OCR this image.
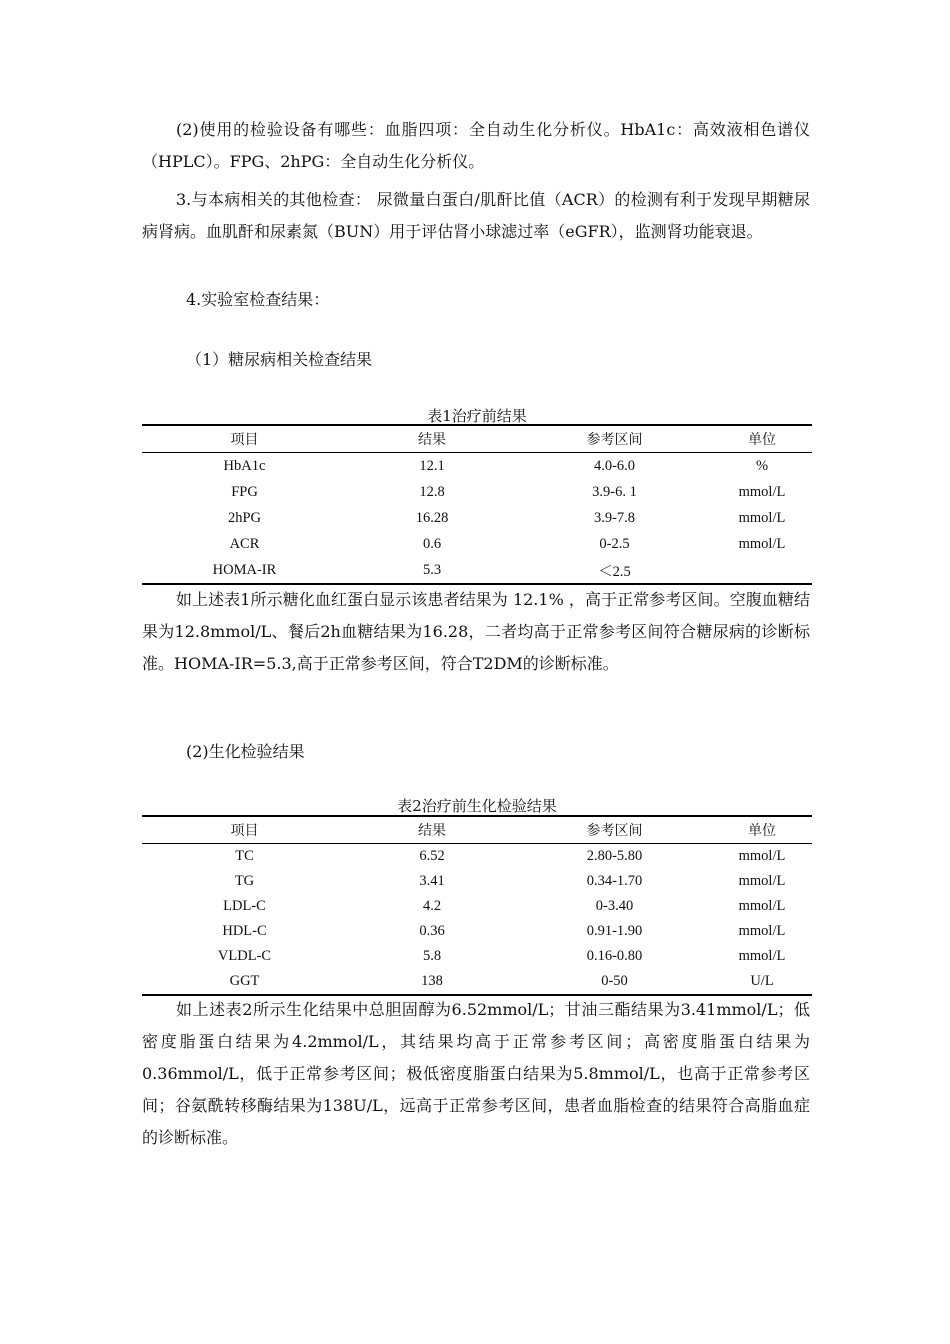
(2)使用的检验设备有哪些：血脂四项：全自动生化分析仪。HbA1c：高效液相色谱仪（HPLC）。FPG、2hPG：全自动生化分析仪。

3.与本病相关的其他检查： 尿微量白蛋白/肌酐比值（ACR）的检测有利于发现早期糖尿病肾病。血肌酐和尿素氮（BUN）用于评估肾小球滤过率（eGFR），监测肾功能衰退。

4.实验室检查结果：

（1）糖尿病相关检查结果

表1治疗前结果
项目	结果	参考区间	单位
HbA1c	12.1	4.0-6.0	%
FPG	12.8	3.9-6. 1	mmol/L
2hPG	16.28	3.9-7.8	mmol/L
ACR	0.6	0-2.5	mmol/L
HOMA-IR	5.3	＜2.5	

如上述表1所示糖化血红蛋白显示该患者结果为 12.1% ，高于正常参考区间。空腹血糖结果为12.8mmol/L、餐后2h血糖结果为16.28，二者均高于正常参考区间符合糖尿病的诊断标准。HOMA-IR=5.3,高于正常参考区间，符合T2DM的诊断标准。

(2)生化检验结果

表2治疗前生化检验结果
项目	结果	参考区间	单位
TC	6.52	2.80-5.80	mmol/L
TG	3.41	0.34-1.70	mmol/L
LDL-C	4.2	0-3.40	mmol/L
HDL-C	0.36	0.91-1.90	mmol/L
VLDL-C	5.8	0.16-0.80	mmol/L
GGT	138	0-50	U/L

如上述表2所示生化结果中总胆固醇为6.52mmol/L；甘油三酯结果为3.41mmol/L；低密度脂蛋白结果为4.2mmol/L，其结果均高于正常参考区间；高密度脂蛋白结果为0.36mmol/L，低于正常参考区间；极低密度脂蛋白结果为5.8mmol/L，也高于正常参考区间；谷氨酰转移酶结果为138U/L，远高于正常参考区间，患者血脂检查的结果符合高脂血症的诊断标准。
